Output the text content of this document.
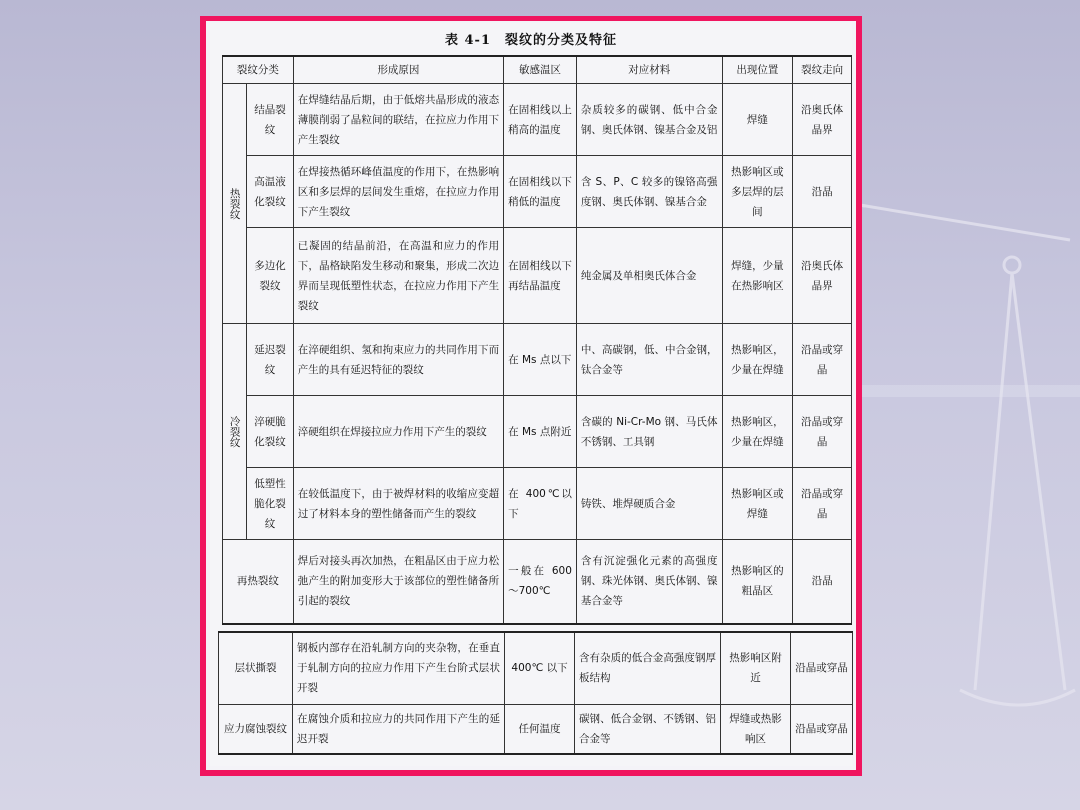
表 4-1 裂纹的分类及特征
裂纹分类		形成原因	敏感温区	对应材料	出现位置	裂纹走向
热裂纹	结晶裂纹	在焊缝结晶后期，由于低熔共晶形成的液态薄膜削弱了晶粒间的联结，在拉应力作用下产生裂纹	在固相线以上稍高的温度	杂质较多的碳钢、低中合金钢、奥氏体钢、镍基合金及铝	焊缝	沿奥氏体晶界
	高温液化裂纹	在焊接热循环峰值温度的作用下，在热影响区和多层焊的层间发生重熔，在拉应力作用下产生裂纹	在固相线以下稍低的温度	含 S、P、C 较多的镍铬高强度钢、奥氏体钢、镍基合金	热影响区或多层焊的层间	沿晶
	多边化裂纹	已凝固的结晶前沿，在高温和应力的作用下，晶格缺陷发生移动和聚集，形成二次边界而呈现低塑性状态，在拉应力作用下产生裂纹	在固相线以下再结晶温度	纯金属及单相奥氏体合金	焊缝，少量在热影响区	沿奥氏体晶界
冷裂纹	延迟裂纹	在淬硬组织、氢和拘束应力的共同作用下而产生的具有延迟特征的裂纹	在 Ms 点以下	中、高碳钢，低、中合金钢，钛合金等	热影响区，少量在焊缝	沿晶或穿晶
	淬硬脆化裂纹	淬硬组织在焊接拉应力作用下产生的裂纹	在 Ms 点附近	含碳的 Ni-Cr-Mo 钢、马氏体不锈钢、工具钢	热影响区，少量在焊缝	沿晶或穿晶
	低塑性脆化裂纹	在较低温度下，由于被焊材料的收缩应变超过了材料本身的塑性储备而产生的裂纹	在 400℃以下	铸铁、堆焊硬质合金	热影响区或焊缝	沿晶或穿晶
再热裂纹		焊后对接头再次加热，在粗晶区由于应力松弛产生的附加变形大于该部位的塑性储备所引起的裂纹	一般在 600～700℃	含有沉淀强化元素的高强度钢、珠光体钢、奥氏体钢、镍基合金等	热影响区的粗晶区	沿晶
层状撕裂	钢板内部存在沿轧制方向的夹杂物，在垂直于轧制方向的拉应力作用下产生台阶式层状开裂	400℃ 以下	含有杂质的低合金高强度钢厚板结构	热影响区附近	沿晶或穿晶
应力腐蚀裂纹	在腐蚀介质和拉应力的共同作用下产生的延迟开裂	任何温度	碳钢、低合金钢、不锈钢、铝合金等	焊缝或热影响区	沿晶或穿晶
